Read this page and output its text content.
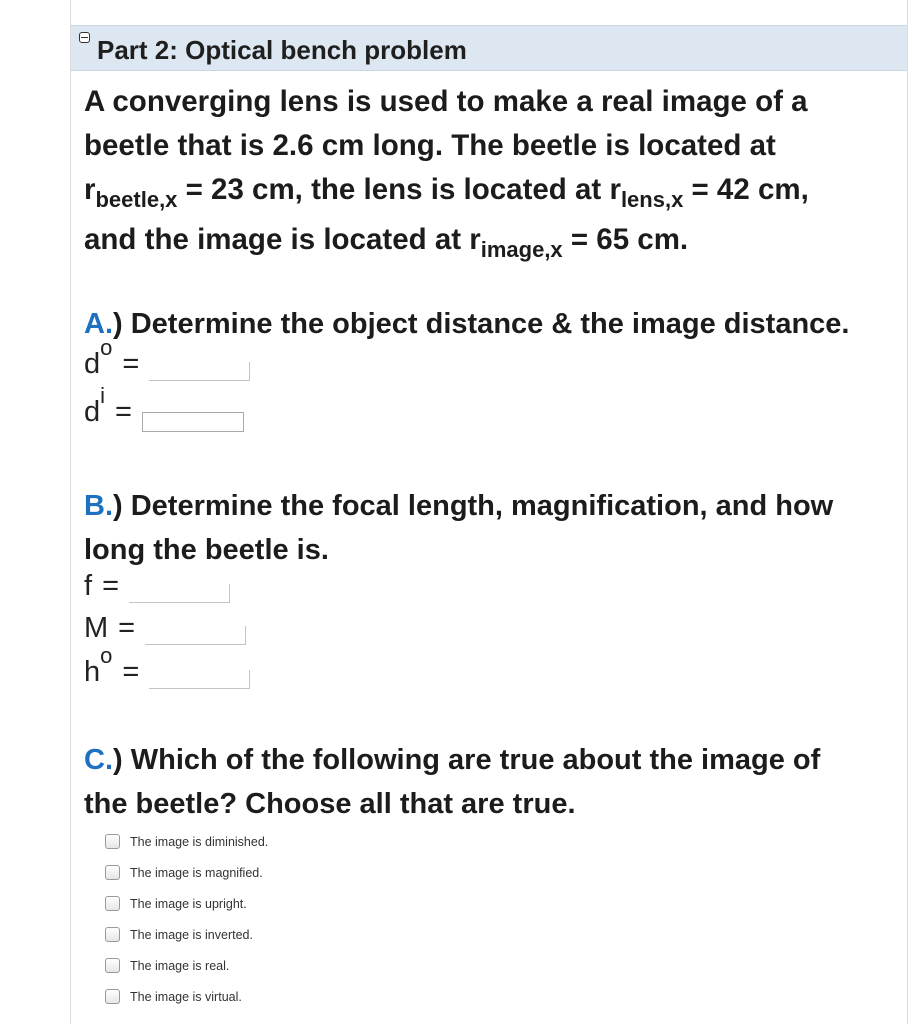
Part 2: Optical bench problem
A converging lens is used to make a real image of a
beetle that is 2.6 cm long. The beetle is located at
$r_{beetle,x} = 23$ cm, the lens is located at $r_{lens,x} = 42$ cm,
and the image is located at $r_{image,x} = 65$ cm.
A.) Determine the object distance & the image distance.
d
o
=
d
i
=
B.) Determine the focal length, magnification, and how
long the beetle is.
f =
M =
h
o
=
C.) Which of the following are true about the image of
the beetle? Choose all that are true.
The image is diminished.
The image is magnified.
The image is upright.
The image is inverted.
The image is real.
The image is virtual.
